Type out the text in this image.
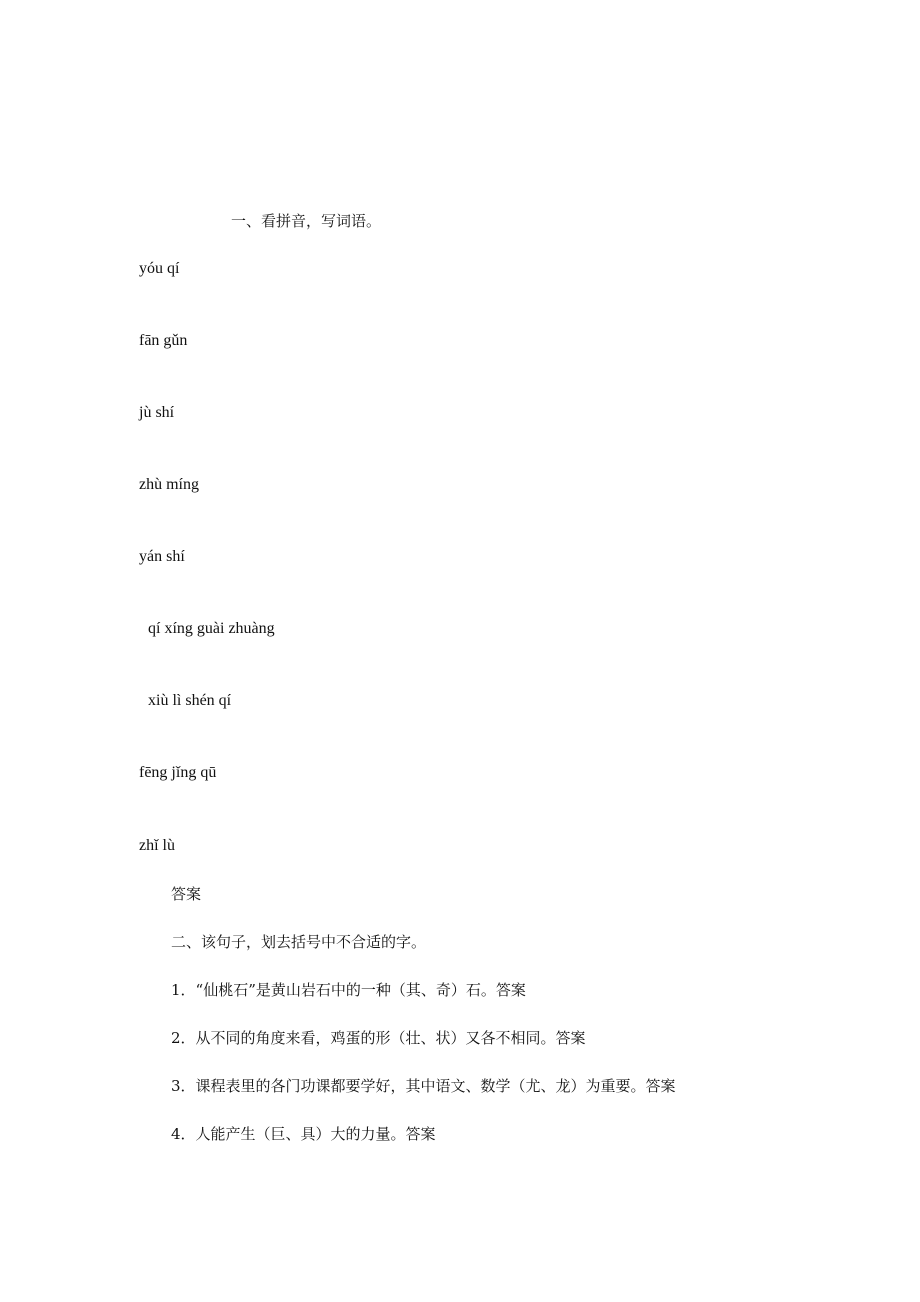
一、看拼音，写词语。
yóu qí
fān gǔn
jù shí
zhù míng
yán shí
qí xíng guài zhuàng
xiù lì shén qí
fēng jǐng qū
zhǐ lù
答案
二、该句子，划去括号中不合适的字。
1．“仙桃石”是黄山岩石中的一种（其、奇）石。答案
2．从不同的角度来看，鸡蛋的形（壮、状）又各不相同。答案
3．课程表里的各门功课都要学好，其中语文、数学（尤、龙）为重要。答案
4．人能产生（巨、具）大的力量。答案
